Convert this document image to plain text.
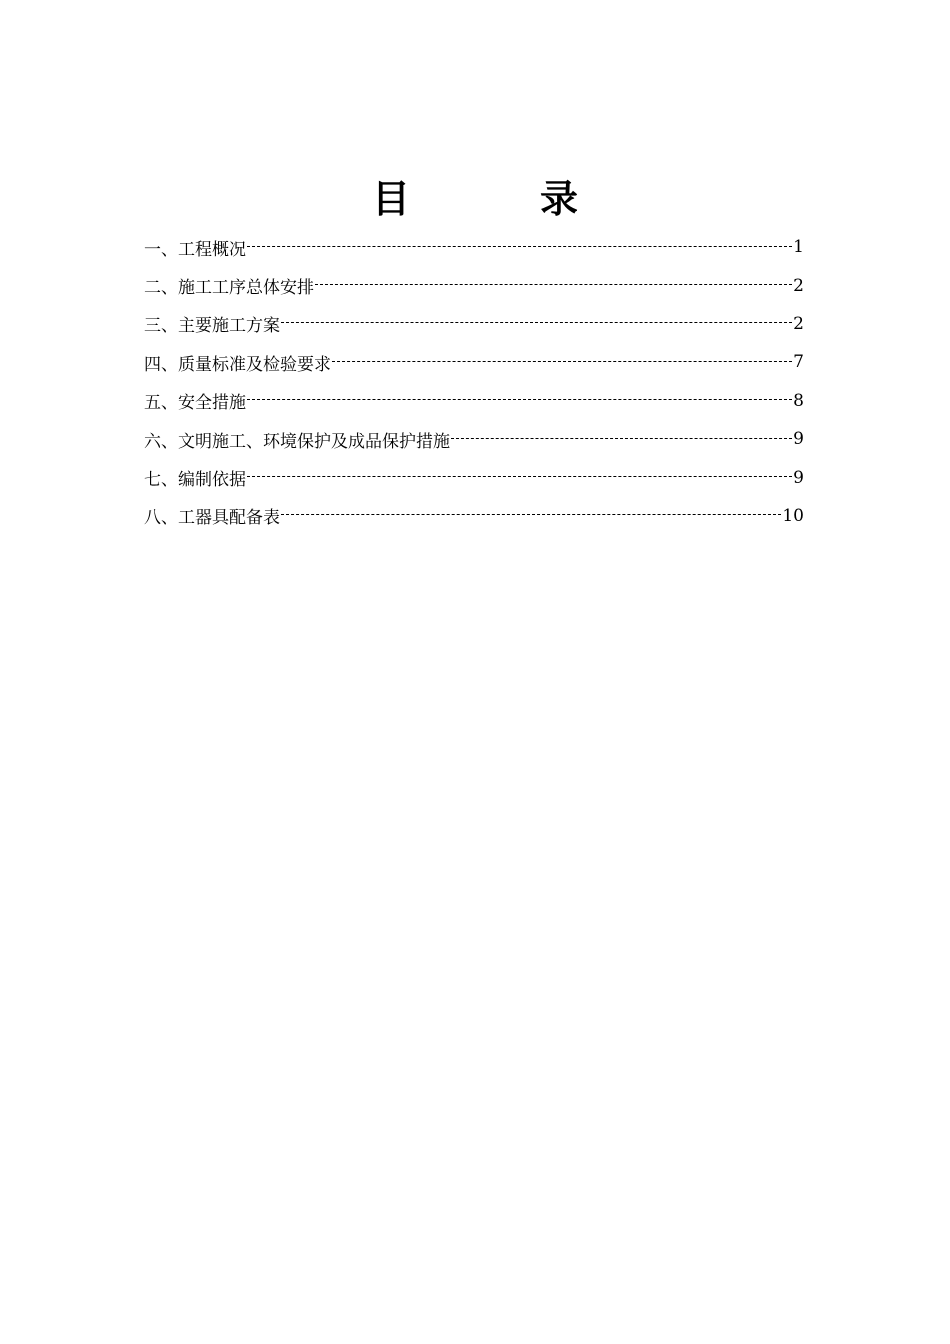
目录
一、工程概况	1
二、施工工序总体安排	2
三、主要施工方案	2
四、质量标准及检验要求	7
五、安全措施	8
六、文明施工、环境保护及成品保护措施	9
七、编制依据	9
八、工器具配备表	10
